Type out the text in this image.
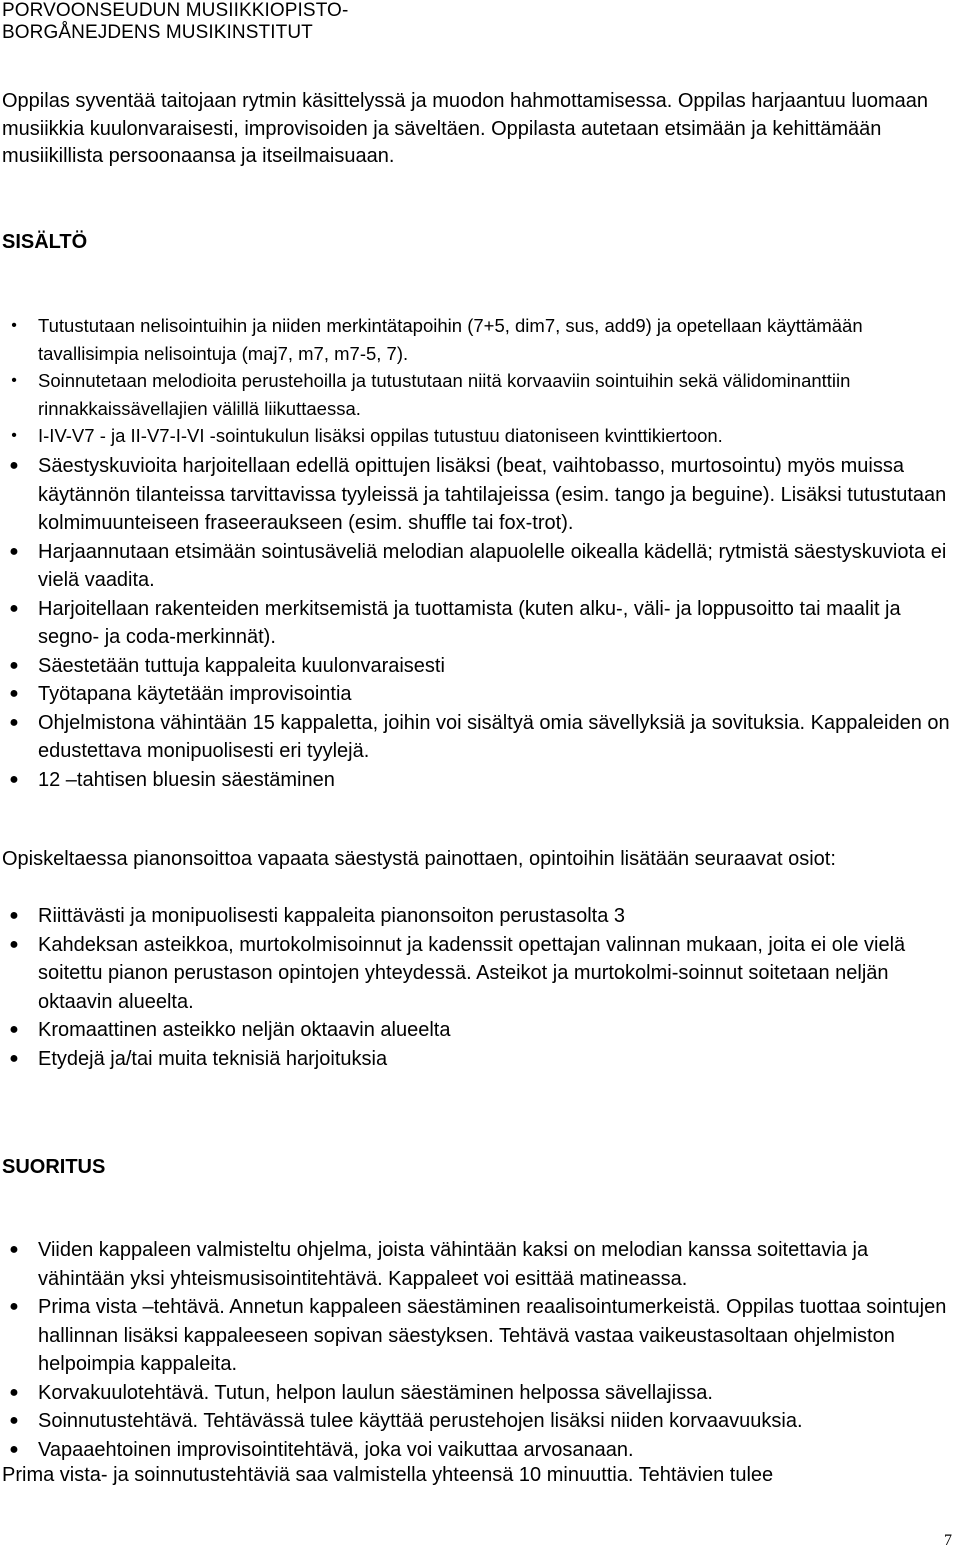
PORVOONSEUDUN MUSIIKKIOPISTO-
BORGÅNEJDENS MUSIKINSTITUT

Oppilas syventää taitojaan rytmin käsittelyssä ja muodon hahmottamisessa. Oppilas harjaantuu luomaan musiikkia kuulonvaraisesti, improvisoiden ja säveltäen. Oppilasta autetaan etsimään ja kehittämään musiikillista persoonaansa ja itseilmaisuaan.

SISÄLTÖ
•	Tutustutaan nelisointuihin ja niiden merkintätapoihin (7+5, dim7, sus, add9) ja opetellaan käyttämään tavallisimpia nelisointuja (maj7, m7, m7-5, 7).
•	Soinnutetaan melodioita perustehoilla ja tutustutaan niitä korvaaviin sointuihin sekä välidominanttiin rinnakkaissävellajien välillä liikuttaessa.
•	I-IV-V7 - ja II-V7-I-VI -sointukulun lisäksi oppilas tutustuu diatoniseen kvinttikiertoon.
● Säestyskuvioita harjoitellaan edellä opittujen lisäksi (beat, vaihtobasso, murtosointu) myös muissa käytännön tilanteissa tarvittavissa tyyleissä ja tahtilajeissa (esim. tango ja beguine). Lisäksi tutustutaan kolmimuunteiseen fraseeraukseen (esim. shuffle tai fox-trot).
● Harjaannutaan etsimään sointusäveliä melodian alapuolelle oikealla kädellä; rytmistä säestyskuviota ei vielä vaadita.
● Harjoitellaan rakenteiden merkitsemistä ja tuottamista (kuten alku-, väli- ja loppusoitto tai maalit ja segno- ja coda-merkinnät).
● Säestetään tuttuja kappaleita kuulonvaraisesti
● Työtapana käytetään improvisointia
● Ohjelmistona vähintään 15 kappaletta, joihin voi sisältyä omia sävellyksiä ja sovituksia. Kappaleiden on edustettava monipuolisesti eri tyylejä.
● 12 –tahtisen bluesin säestäminen

Opiskeltaessa pianonsoittoa vapaata säestystä painottaen, opintoihin lisätään seuraavat osiot:

● Riittävästi ja monipuolisesti kappaleita pianonsoiton perustasolta 3
● Kahdeksan asteikkoa, murtokolmisoinnut ja kadenssit opettajan valinnan mukaan, joita ei ole vielä soitettu pianon perustason opintojen yhteydessä. Asteikot ja murtokolmi-soinnut soitetaan neljän oktaavin alueelta.
● Kromaattinen asteikko neljän oktaavin alueelta
● Etydejä ja/tai muita teknisiä harjoituksia
SUORITUS
● Viiden kappaleen valmisteltu ohjelma, joista vähintään kaksi on melodian kanssa soitettavia ja vähintään yksi yhteismusisointitehtävä. Kappaleet voi esittää matineassa.
● Prima vista –tehtävä. Annetun kappaleen säestäminen reaalisointumerkeistä. Oppilas tuottaa sointujen hallinnan lisäksi kappaleeseen sopivan säestyksen. Tehtävä vastaa vaikeustasoltaan ohjelmiston helpoimpia kappaleita.
● Korvakuulotehtävä. Tutun, helpon laulun säestäminen helpossa sävellajissa.
● Soinnutustehtävä. Tehtävässä tulee käyttää perustehojen lisäksi niiden korvaavuuksia.
● Vapaaehtoinen improvisointitehtävä, joka voi vaikuttaa arvosanaan.

Prima vista- ja soinnutustehtäviä saa valmistella yhteensä 10 minuuttia. Tehtävien tulee

7
